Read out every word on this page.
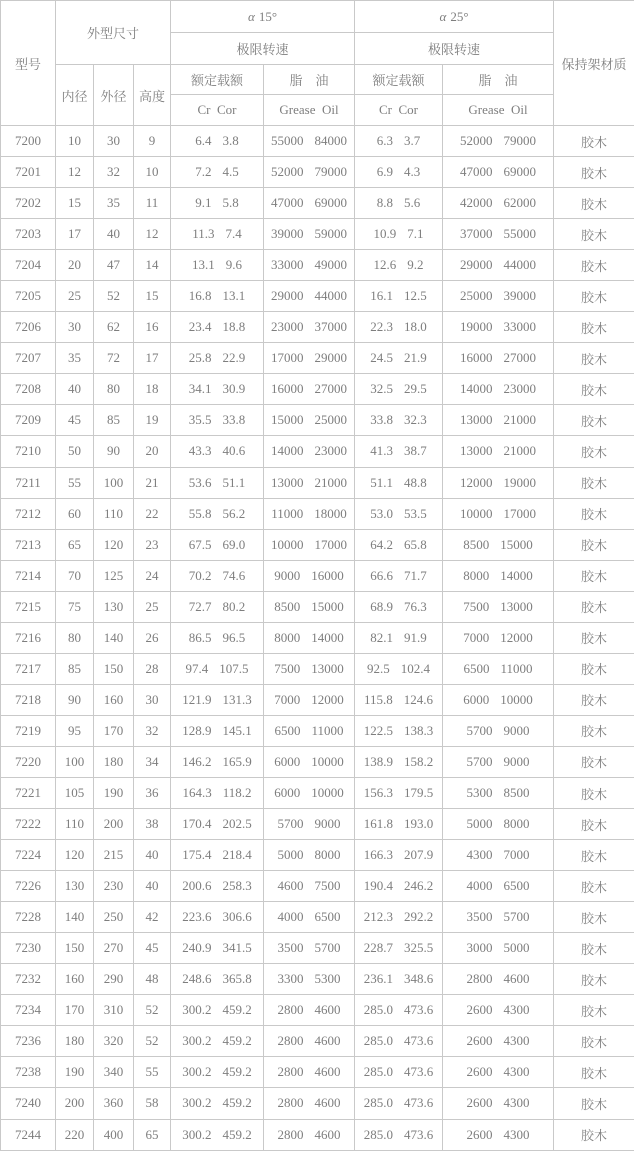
型号	外型尺寸			α 15°		α 25°		保持架材质
				极限转速		极限转速		
	内径	外径	高度	额定载额	脂　油	额定载额	脂　油	
				Cr  Cor	Grease  Oil	Cr  Cor	Grease  Oil	
7200	10	30	9	6.4 3.8	55000 84000	6.3 3.7	52000 79000	胶木
7201	12	32	10	7.2 4.5	52000 79000	6.9 4.3	47000 69000	胶木
7202	15	35	11	9.1 5.8	47000 69000	8.8 5.6	42000 62000	胶木
7203	17	40	12	11.3 7.4	39000 59000	10.9 7.1	37000 55000	胶木
7204	20	47	14	13.1 9.6	33000 49000	12.6 9.2	29000 44000	胶木
7205	25	52	15	16.8 13.1	29000 44000	16.1 12.5	25000 39000	胶木
7206	30	62	16	23.4 18.8	23000 37000	22.3 18.0	19000 33000	胶木
7207	35	72	17	25.8 22.9	17000 29000	24.5 21.9	16000 27000	胶木
7208	40	80	18	34.1 30.9	16000 27000	32.5 29.5	14000 23000	胶木
7209	45	85	19	35.5 33.8	15000 25000	33.8 32.3	13000 21000	胶木
7210	50	90	20	43.3 40.6	14000 23000	41.3 38.7	13000 21000	胶木
7211	55	100	21	53.6 51.1	13000 21000	51.1 48.8	12000 19000	胶木
7212	60	110	22	55.8 56.2	11000 18000	53.0 53.5	10000 17000	胶木
7213	65	120	23	67.5 69.0	10000 17000	64.2 65.8	8500 15000	胶木
7214	70	125	24	70.2 74.6	9000 16000	66.6 71.7	8000 14000	胶木
7215	75	130	25	72.7 80.2	8500 15000	68.9 76.3	7500 13000	胶木
7216	80	140	26	86.5 96.5	8000 14000	82.1 91.9	7000 12000	胶木
7217	85	150	28	97.4 107.5	7500 13000	92.5 102.4	6500 11000	胶木
7218	90	160	30	121.9 131.3	7000 12000	115.8 124.6	6000 10000	胶木
7219	95	170	32	128.9 145.1	6500 11000	122.5 138.3	5700 9000	胶木
7220	100	180	34	146.2 165.9	6000 10000	138.9 158.2	5700 9000	胶木
7221	105	190	36	164.3 118.2	6000 10000	156.3 179.5	5300 8500	胶木
7222	110	200	38	170.4 202.5	5700 9000	161.8 193.0	5000 8000	胶木
7224	120	215	40	175.4 218.4	5000 8000	166.3 207.9	4300 7000	胶木
7226	130	230	40	200.6 258.3	4600 7500	190.4 246.2	4000 6500	胶木
7228	140	250	42	223.6 306.6	4000 6500	212.3 292.2	3500 5700	胶木
7230	150	270	45	240.9 341.5	3500 5700	228.7 325.5	3000 5000	胶木
7232	160	290	48	248.6 365.8	3300 5300	236.1 348.6	2800 4600	胶木
7234	170	310	52	300.2 459.2	2800 4600	285.0 473.6	2600 4300	胶木
7236	180	320	52	300.2 459.2	2800 4600	285.0 473.6	2600 4300	胶木
7238	190	340	55	300.2 459.2	2800 4600	285.0 473.6	2600 4300	胶木
7240	200	360	58	300.2 459.2	2800 4600	285.0 473.6	2600 4300	胶木
7244	220	400	65	300.2 459.2	2800 4600	285.0 473.6	2600 4300	胶木
